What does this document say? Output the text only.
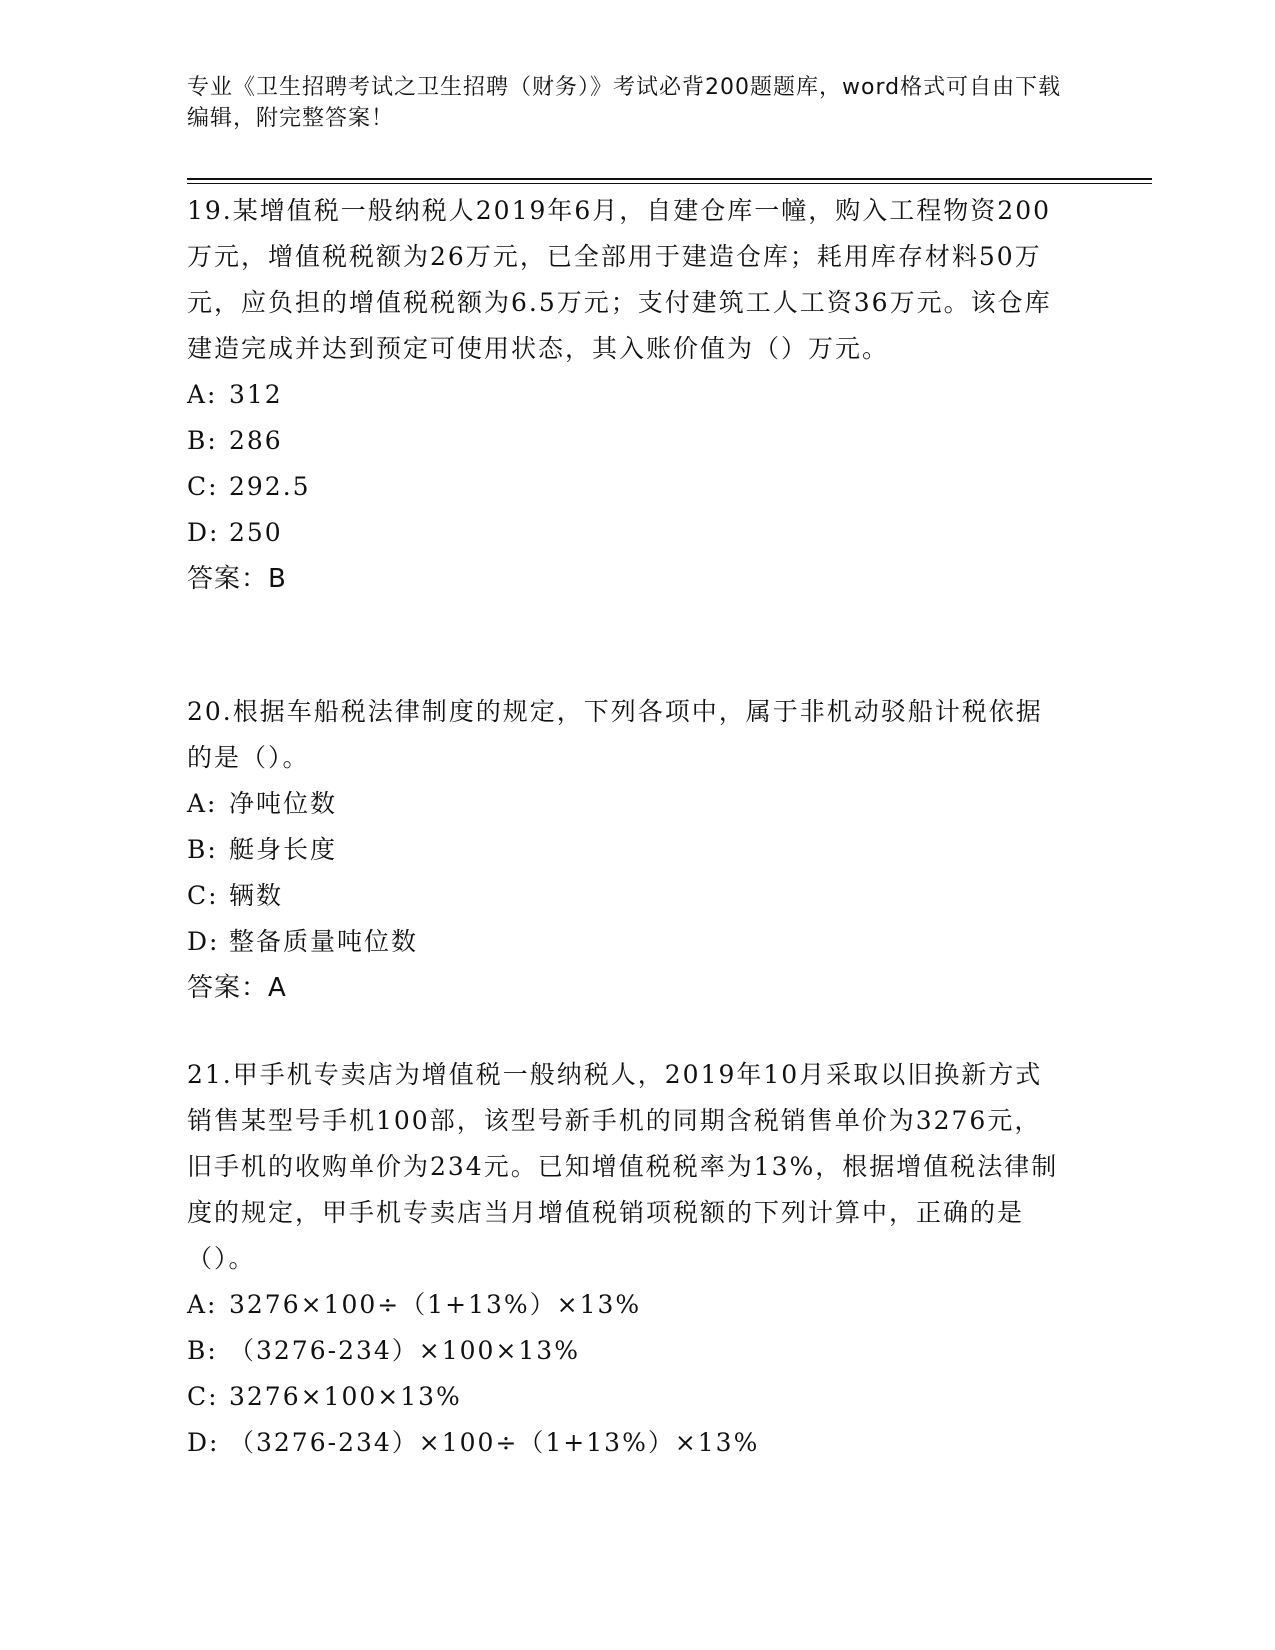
专业《卫生招聘考试之卫生招聘（财务）》考试必背200题题库，word格式可自由下载编辑，附完整答案！

19.某增值税一般纳税人2019年6月，自建仓库一幢，购入工程物资200万元，增值税税额为26万元，已全部用于建造仓库；耗用库存材料50万元，应负担的增值税税额为6.5万元；支付建筑工人工资36万元。该仓库建造完成并达到预定可使用状态，其入账价值为（）万元。

A: 312

B: 286

C: 292.5

D: 250

答案：B

20.根据车船税法律制度的规定，下列各项中，属于非机动驳船计税依据的是（）。

A: 净吨位数

B: 艇身长度

C: 辆数

D: 整备质量吨位数

答案：A

21.甲手机专卖店为增值税一般纳税人，2019年10月采取以旧换新方式销售某型号手机100部，该型号新手机的同期含税销售单价为3276元，旧手机的收购单价为234元。已知增值税税率为13%，根据增值税法律制度的规定，甲手机专卖店当月增值税销项税额的下列计算中，正确的是（）。

A: 3276×100÷（1+13%）×13%

B: （3276-234）×100×13%

C: 3276×100×13%

D: （3276-234）×100÷（1+13%）×13%
